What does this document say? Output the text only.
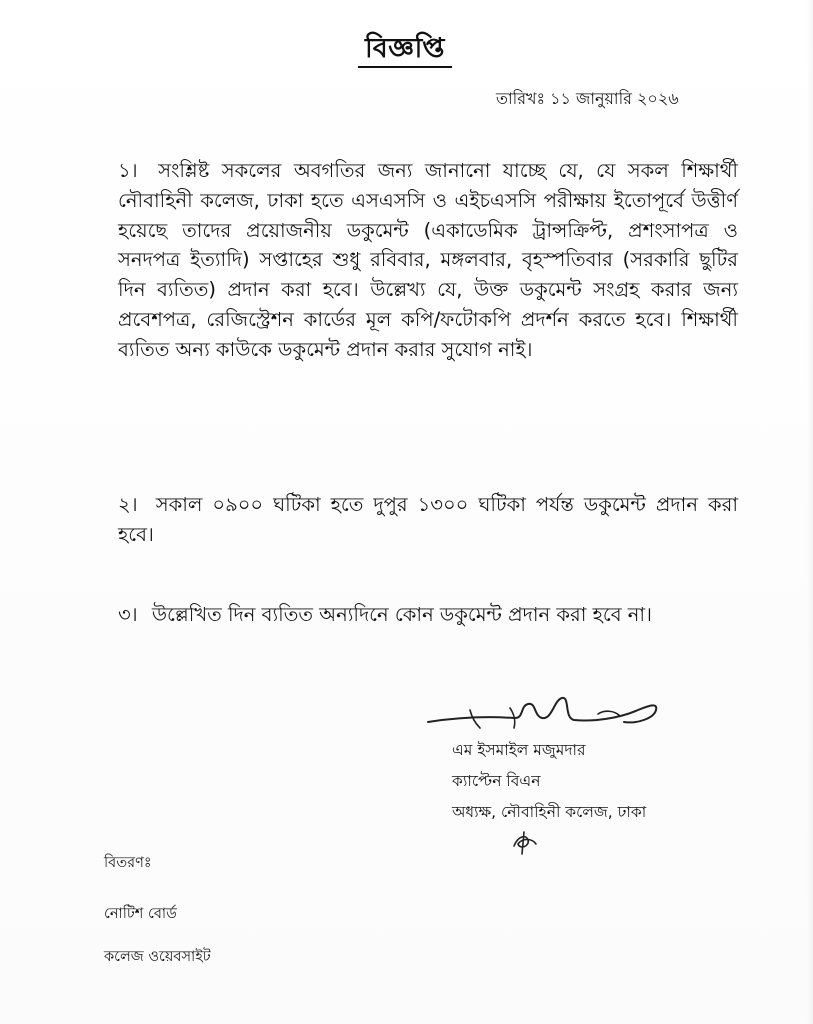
বিজ্ঞপ্তি
তারিখঃ ১১ জানুয়ারি ২০২৬
১। সংশ্লিষ্ট সকলের অবগতির জন্য জানানো যাচ্ছে যে, যে সকল শিক্ষার্থী নৌবাহিনী কলেজ, ঢাকা হতে এসএসসি ও এইচএসসি পরীক্ষায় ইতোপূর্বে উত্তীর্ণ হয়েছে তাদের প্রয়োজনীয় ডকুমেন্ট (একাডেমিক ট্রান্সক্রিপ্ট, প্রশংসাপত্র ও সনদপত্র ইত্যাদি) সপ্তাহের শুধু রবিবার, মঙ্গলবার, বৃহস্পতিবার (সরকারি ছুটির দিন ব্যতিত) প্রদান করা হবে। উল্লেখ্য যে, উক্ত ডকুমেন্ট সংগ্রহ করার জন্য প্রবেশপত্র, রেজিস্ট্রেশন কার্ডের মূল কপি/ফটোকপি প্রদর্শন করতে হবে। শিক্ষার্থী ব্যতিত অন্য কাউকে ডকুমেন্ট প্রদান করার সুযোগ নাই।
২। সকাল ০৯০০ ঘটিকা হতে দুপুর ১৩০০ ঘটিকা পর্যন্ত ডকুমেন্ট প্রদান করা হবে।
৩। উল্লেখিত দিন ব্যতিত অন্যদিনে কোন ডকুমেন্ট প্রদান করা হবে না।
এম ইসমাইল মজুমদার
ক্যাপ্টেন বিএন
অধ্যক্ষ, নৌবাহিনী কলেজ, ঢাকা
বিতরণঃ
নোটিশ বোর্ড
কলেজ ওয়েবসাইট
